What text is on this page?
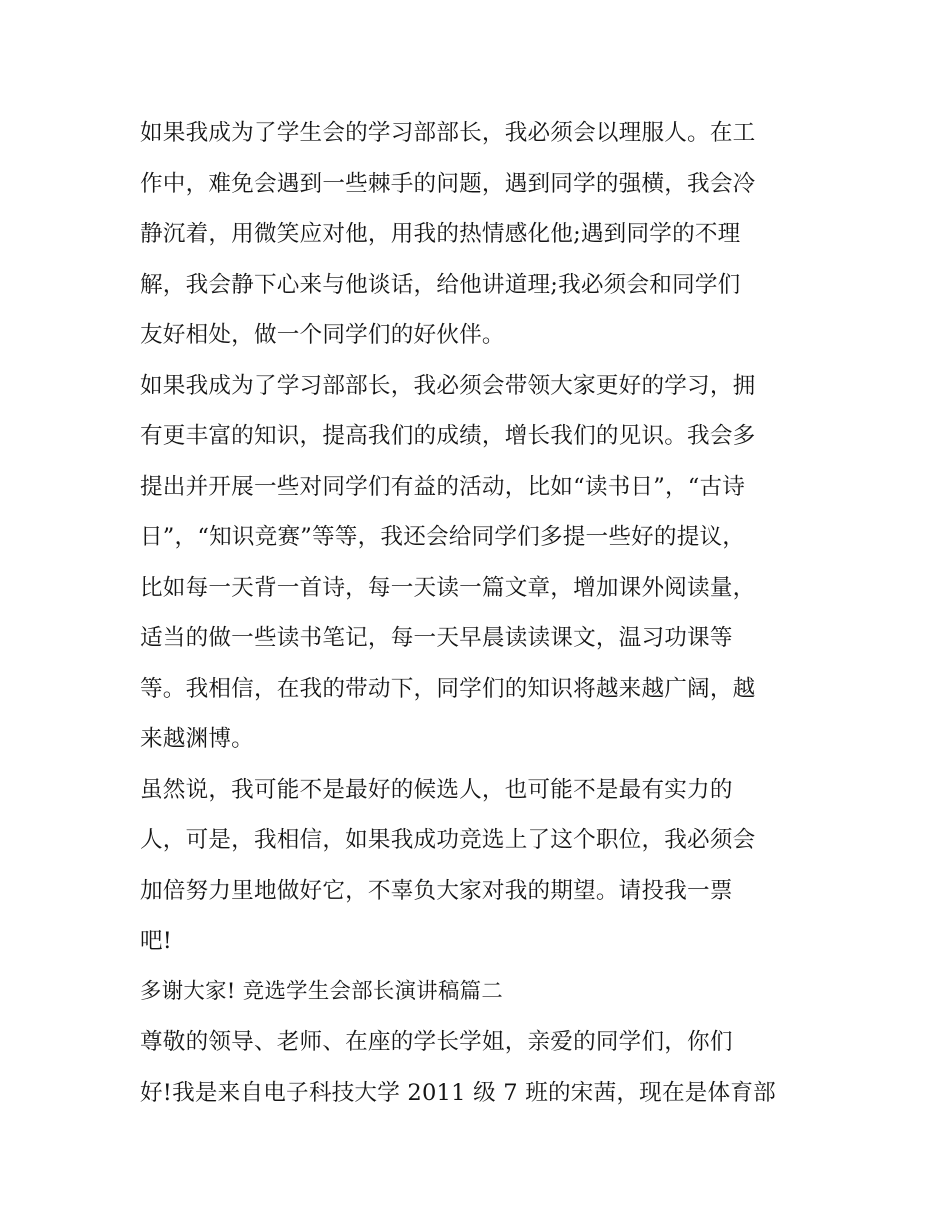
如果我成为了学生会的学习部部长，我必须会以理服人。在工
作中，难免会遇到一些棘手的问题，遇到同学的强横，我会冷
静沉着，用微笑应对他，用我的热情感化他;遇到同学的不理
解，我会静下心来与他谈话，给他讲道理;我必须会和同学们
友好相处，做一个同学们的好伙伴。
如果我成为了学习部部长，我必须会带领大家更好的学习，拥
有更丰富的知识，提高我们的成绩，增长我们的见识。我会多
提出并开展一些对同学们有益的活动，比如“读书日”，“古诗
日”，“知识竞赛”等等，我还会给同学们多提一些好的提议，
比如每一天背一首诗，每一天读一篇文章，增加课外阅读量，
适当的做一些读书笔记，每一天早晨读读课文，温习功课等
等。我相信，在我的带动下，同学们的知识将越来越广阔，越
来越渊博。
虽然说，我可能不是最好的候选人，也可能不是最有实力的
人，可是，我相信，如果我成功竞选上了这个职位，我必须会
加倍努力里地做好它，不辜负大家对我的期望。请投我一票
吧!
多谢大家! 竞选学生会部长演讲稿篇二
尊敬的领导、老师、在座的学长学姐，亲爱的同学们，你们
好!我是来自电子科技大学 2011 级 7 班的宋茜，现在是体育部
